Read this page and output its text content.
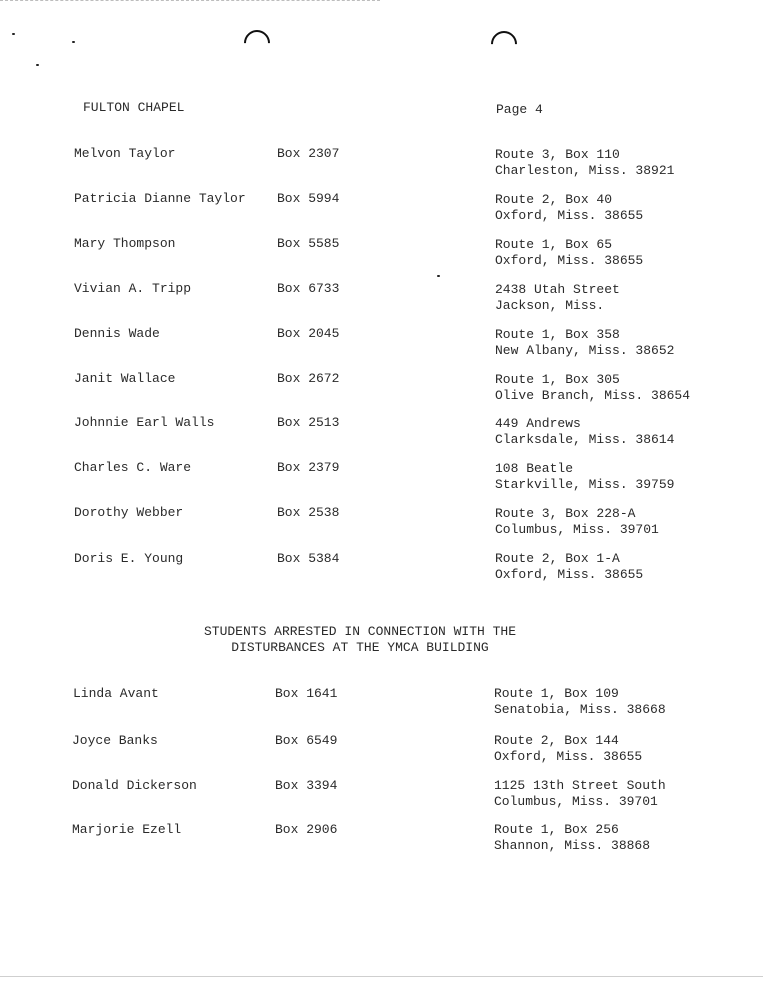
FULTON CHAPEL	Page 4
Melvon Taylor	Box 2307	Route 3, Box 110
Charleston, Miss. 38921
Patricia Dianne Taylor Box 5994	Route 2, Box 40
Oxford, Miss. 38655
Mary Thompson	Box 5585	Route 1, Box 65
Oxford, Miss. 38655
Vivian A. Tripp	Box 6733	2438 Utah Street
Jackson, Miss.
Dennis Wade	Box 2045	Route 1, Box 358
New Albany, Miss. 38652
Janit Wallace	Box 2672	Route 1, Box 305
Olive Branch, Miss. 38654
Johnnie Earl Walls	Box 2513	449 Andrews
Clarksdale, Miss. 38614
Charles C. Ware	Box 2379	108 Beatle
Starkville, Miss. 39759
Dorothy Webber	Box 2538	Route 3, Box 228-A
Columbus, Miss. 39701
Doris E. Young	Box 5384	Route 2, Box 1-A
Oxford, Miss. 38655
STUDENTS ARRESTED IN CONNECTION WITH THE
DISTURBANCES AT THE YMCA BUILDING
Linda Avant	Box 1641	Route 1, Box 109
Senatobia, Miss. 38668
Joyce Banks	Box 6549	Route 2, Box 144
Oxford, Miss. 38655
Donald Dickerson	Box 3394	1125 13th Street South
Columbus, Miss. 39701
Marjorie Ezell	Box 2906	Route 1, Box 256
Shannon, Miss. 38868
